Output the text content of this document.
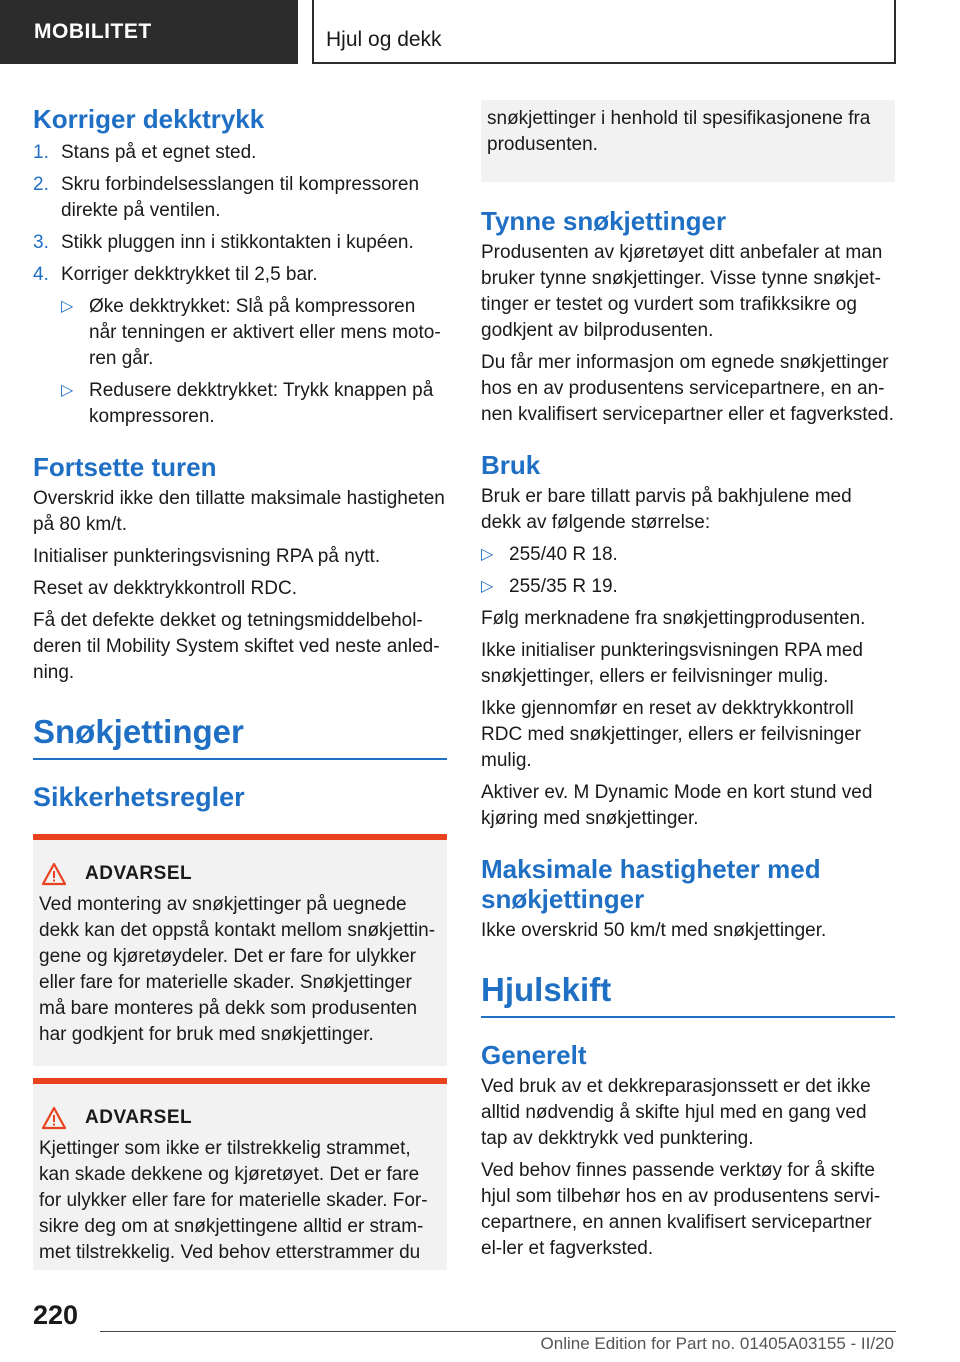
MOBILITET	Hjul og dekk
Korriger dekktrykk
1. Stans på et egnet sted.
2. Skru forbindelsesslangen til kompressoren direkte på ventilen.
3. Stikk pluggen inn i stikkontakten i kupéen.
4. Korriger dekktrykket til 2,5 bar.
▷ Øke dekktrykket: Slå på kompressoren når tenningen er aktivert eller mens moto‐ren går.
▷ Redusere dekktrykket: Trykk knappen på kompressoren.
Fortsette turen

Overskrid ikke den tillatte maksimale hastigheten på 80 km/t.

Initialiser punkteringsvisning RPA på nytt.

Reset av dekktrykkontroll RDC.

Få det defekte dekket og tetningsmiddelbehol‐deren til Mobility System skiftet ved neste anled‐ning.

Snøkjettinger
Sikkerhetsregler
ADVARSEL

Ved montering av snøkjettinger på uegnede dekk kan det oppstå kontakt mellom snøkjettin‐gene og kjøretøydeler. Det er fare for ulykker eller fare for materielle skader. Snøkjettinger må bare monteres på dekk som produsenten har godkjent for bruk med snøkjettinger.

ADVARSEL

Kjettinger som ikke er tilstrekkelig strammet, kan skade dekkene og kjøretøyet. Det er fare for ulykker eller fare for materielle skader. For‐sikre deg om at snøkjettingene alltid er stram‐met tilstrekkelig. Ved behov etterstrammer du

snøkjettinger i henhold til spesifikasjonene fra produsenten.

Tynne snøkjettinger

Produsenten av kjøretøyet ditt anbefaler at man bruker tynne snøkjettinger. Visse tynne snøkjet‐tinger er testet og vurdert som trafikksikre og godkjent av bilprodusenten.

Du får mer informasjon om egnede snøkjettinger hos en av produsentens servicepartnere, en an‐nen kvalifisert servicepartner eller et fagverksted.

Bruk

Bruk er bare tillatt parvis på bakhjulene med dekk av følgende størrelse:

▷ 255/40 R 18.
▷ 255/35 R 19.

Følg merknadene fra snøkjettingprodusenten.

Ikke initialiser punkteringsvisningen RPA med snøkjettinger, ellers er feilvisninger mulig.

Ikke gjennomfør en reset av dekktrykkontroll RDC med snøkjettinger, ellers er feilvisninger mulig.

Aktiver ev. M Dynamic Mode en kort stund ved kjøring med snøkjettinger.

Maksimale hastigheter med snøkjettinger

Ikke overskrid 50 km/t med snøkjettinger.

Hjulskift
Generelt

Ved bruk av et dekkreparasjonssett er det ikke alltid nødvendig å skifte hjul med en gang ved tap av dekktrykk ved punktering.

Ved behov finnes passende verktøy for å skifte hjul som tilbehør hos en av produsentens servi‐cepartnere, en annen kvalifisert servicepartner el‐ler et fagverksted.

220
Online Edition for Part no. 01405A03155 - II/20
